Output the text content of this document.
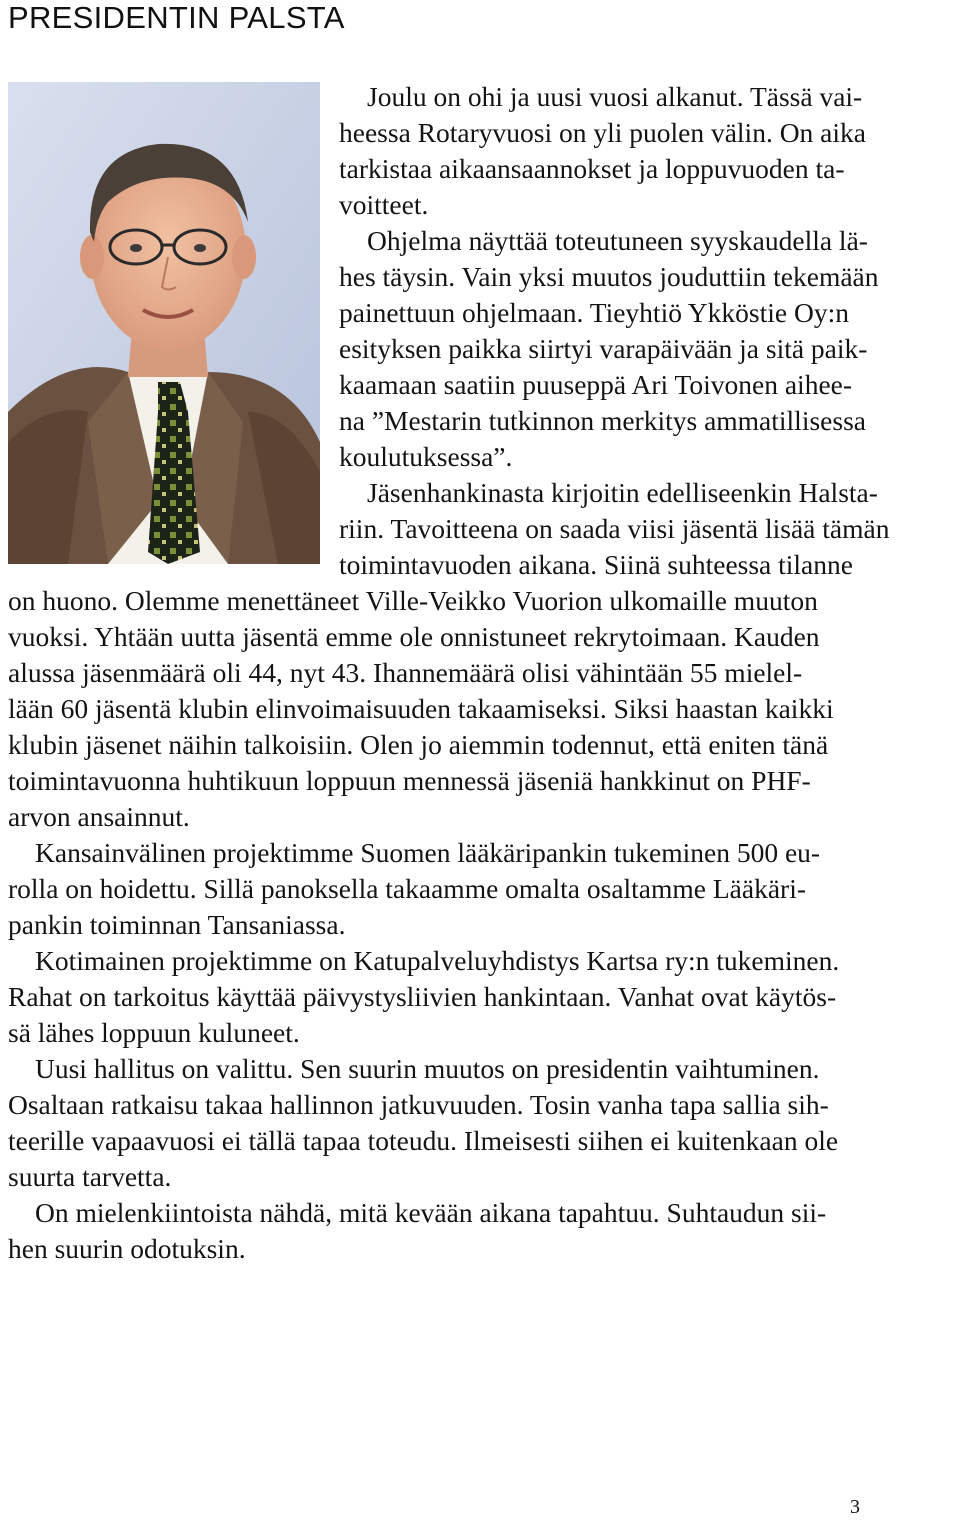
PRESIDENTIN PALSTA
Joulu on ohi ja uusi vuosi alkanut. Tässä vai-
heessa Rotaryvuosi on yli puolen välin. On aika
tarkistaa aikaansaannokset ja loppuvuoden ta-
voitteet.
Ohjelma näyttää toteutuneen syyskaudella lä-
hes täysin. Vain yksi muutos jouduttiin tekemään
painettuun ohjelmaan. Tieyhtiö Ykköstie Oy:n
esityksen paikka siirtyi varapäivään ja sitä paik-
kaamaan saatiin puuseppä Ari Toivonen aihee-
na ”Mestarin tutkinnon merkitys ammatillisessa
koulutuksessa”.
Jäsenhankinasta kirjoitin edelliseenkin Halsta-
riin. Tavoitteena on saada viisi jäsentä lisää tämän
toimintavuoden aikana. Siinä suhteessa tilanne
on huono. Olemme menettäneet Ville-Veikko Vuorion ulkomaille muuton
vuoksi. Yhtään uutta jäsentä emme ole onnistuneet rekrytoimaan. Kauden
alussa jäsenmäärä oli 44, nyt 43. Ihannemäärä olisi vähintään 55 mielel-
lään 60 jäsentä klubin elinvoimaisuuden takaamiseksi. Siksi haastan kaikki
klubin jäsenet näihin talkoisiin. Olen jo aiemmin todennut, että eniten tänä
toimintavuonna huhtikuun loppuun mennessä jäseniä hankkinut on PHF-
arvon ansainnut.
Kansainvälinen projektimme Suomen lääkäripankin tukeminen 500 eu-
rolla on hoidettu. Sillä panoksella takaamme omalta osaltamme Lääkäri-
pankin toiminnan Tansaniassa.
Kotimainen projektimme on Katupalveluyhdistys Kartsa ry:n tukeminen.
Rahat on tarkoitus käyttää päivystysliivien hankintaan. Vanhat ovat käytös-
sä lähes loppuun kuluneet.
Uusi hallitus on valittu. Sen suurin muutos on presidentin vaihtuminen.
Osaltaan ratkaisu takaa hallinnon jatkuvuuden. Tosin vanha tapa sallia sih-
teerille vapaavuosi ei tällä tapaa toteudu. Ilmeisesti siihen ei kuitenkaan ole
suurta tarvetta.
On mielenkiintoista nähdä, mitä kevään aikana tapahtuu. Suhtaudun sii-
hen suurin odotuksin.
3
